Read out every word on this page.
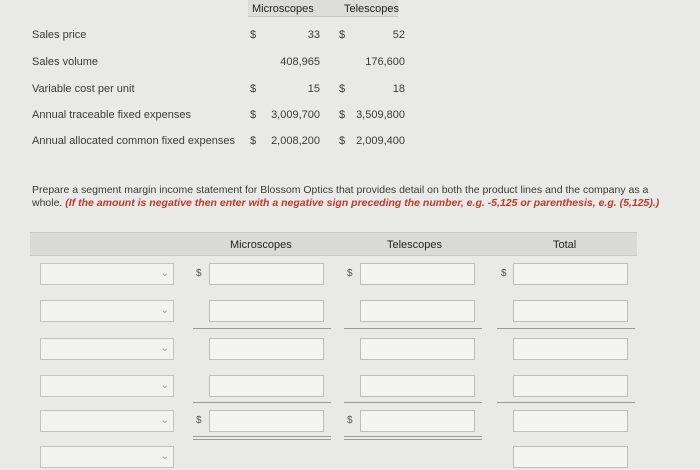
Microscopes	Telescopes
Sales price	$	33 $	52
Sales volume	408,965	176,600
Variable cost per unit	$	15 $	18
Annual traceable fixed expenses	$	3,009,700 $ 3,509,800
Annual allocated common fixed expenses $	2,008,200 $ 2,009,400
Prepare a segment margin income statement for Blossom Optics that provides detail on both the product lines and the company as a whole. (If the amount is negative then enter with a negative sign preceding the number, e.g. -5,125 or parenthesis, e.g. (5,125).)
Microscopes	Telescopes	Total
⌄	$	$	$
⌄
⌄
⌄
⌄	$	$
⌄
